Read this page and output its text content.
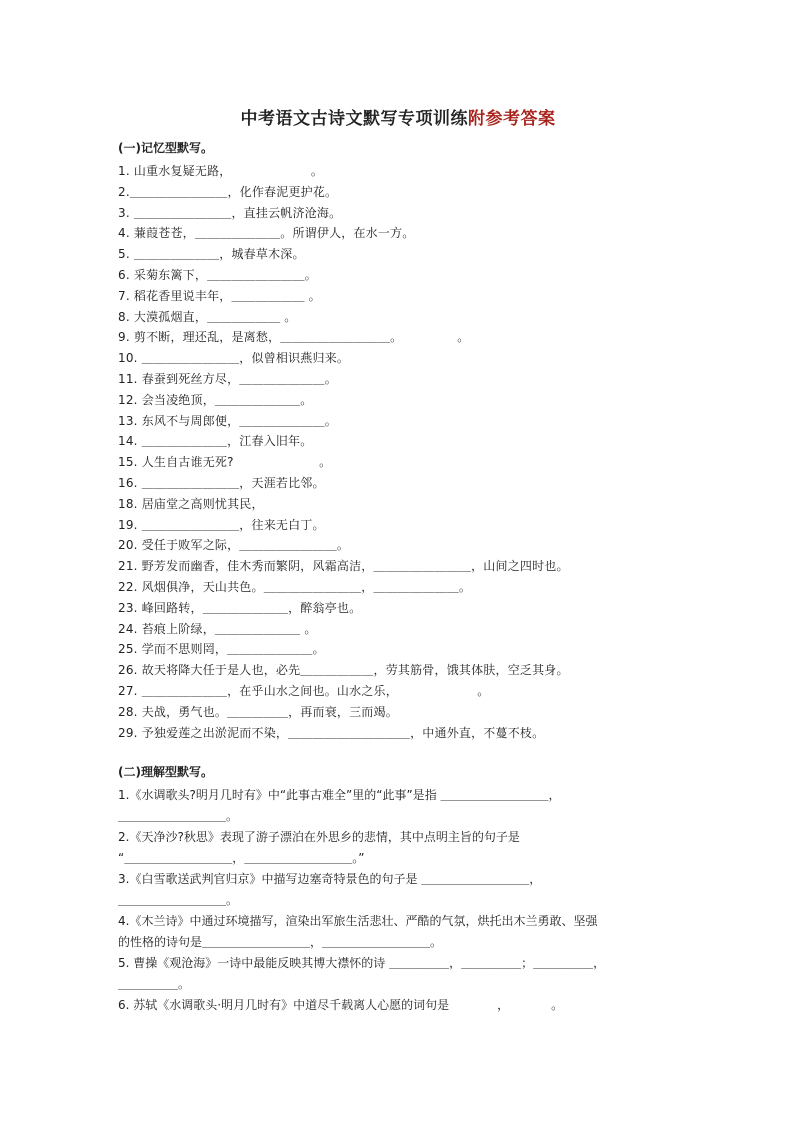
中考语文古诗文默写专项训练附参考答案
(一)记忆型默写。
1. 山重水复疑无路，　　　　　　　。
2.＿＿＿＿＿＿＿＿，化作春泥更护花。
3. ＿＿＿＿＿＿＿＿，直挂云帆济沧海。
4. 蒹葭苍苍，＿＿＿＿＿＿＿。所谓伊人，在水一方。
5. ＿＿＿＿＿＿＿，城春草木深。
6. 采菊东篱下，＿＿＿＿＿＿＿＿。
7. 稻花香里说丰年，＿＿＿＿＿＿ 。
8. 大漠孤烟直，＿＿＿＿＿＿ 。
9. 剪不断，理还乱，是离愁，＿＿＿＿＿＿＿＿＿。　　　　　。
10. ＿＿＿＿＿＿＿＿，似曾相识燕归来。
11. 春蚕到死丝方尽，＿＿＿＿＿＿＿。
12. 会当凌绝顶，＿＿＿＿＿＿＿。
13. 东风不与周郎便，＿＿＿＿＿＿＿。
14. ＿＿＿＿＿＿＿，江春入旧年。
15. 人生自古谁无死?　　　　　　　。
16. ＿＿＿＿＿＿＿＿，天涯若比邻。
18. 居庙堂之高则忧其民，
19. ＿＿＿＿＿＿＿＿，往来无白丁。
20. 受任于败军之际，＿＿＿＿＿＿＿＿。
21. 野芳发而幽香，佳木秀而繁阴，风霜高洁，＿＿＿＿＿＿＿＿，山间之四时也。
22. 风烟俱净，天山共色。＿＿＿＿＿＿＿＿，＿＿＿＿＿＿＿。
23. 峰回路转，＿＿＿＿＿＿＿，醉翁亭也。
24. 苔痕上阶绿，＿＿＿＿＿＿＿ 。
25. 学而不思则罔，＿＿＿＿＿＿＿。
26. 故天将降大任于是人也，必先＿＿＿＿＿＿，劳其筋骨，饿其体肤，空乏其身。
27. ＿＿＿＿＿＿＿，在乎山水之间也。山水之乐，　　　　　　　。
28. 夫战，勇气也。＿＿＿＿＿，再而衰，三而竭。
29. 予独爱莲之出淤泥而不染，＿＿＿＿＿＿＿＿＿＿，中通外直，不蔓不枝。
(二)理解型默写。
1.《水调歌头?明月几时有》中“此事古难全”里的“此事”是指 ＿＿＿＿＿＿＿＿＿，
＿＿＿＿＿＿＿＿＿。
2.《天净沙?秋思》表现了游子漂泊在外思乡的悲情，其中点明主旨的句子是
“＿＿＿＿＿＿＿＿＿，＿＿＿＿＿＿＿＿＿。”
3.《白雪歌送武判官归京》中描写边塞奇特景色的句子是 ＿＿＿＿＿＿＿＿＿，
＿＿＿＿＿＿＿＿＿。
4.《木兰诗》中通过环境描写，渲染出军旅生活悲壮、严酷的气氛，烘托出木兰勇敢、坚强
的性格的诗句是＿＿＿＿＿＿＿＿＿，＿＿＿＿＿＿＿＿＿。
5. 曹操《观沧海》一诗中最能反映其博大襟怀的诗 ＿＿＿＿＿，＿＿＿＿＿；＿＿＿＿＿，
＿＿＿＿＿。
6. 苏轼《水调歌头·明月几时有》中道尽千载离人心愿的词句是　　　　，　　　　。
